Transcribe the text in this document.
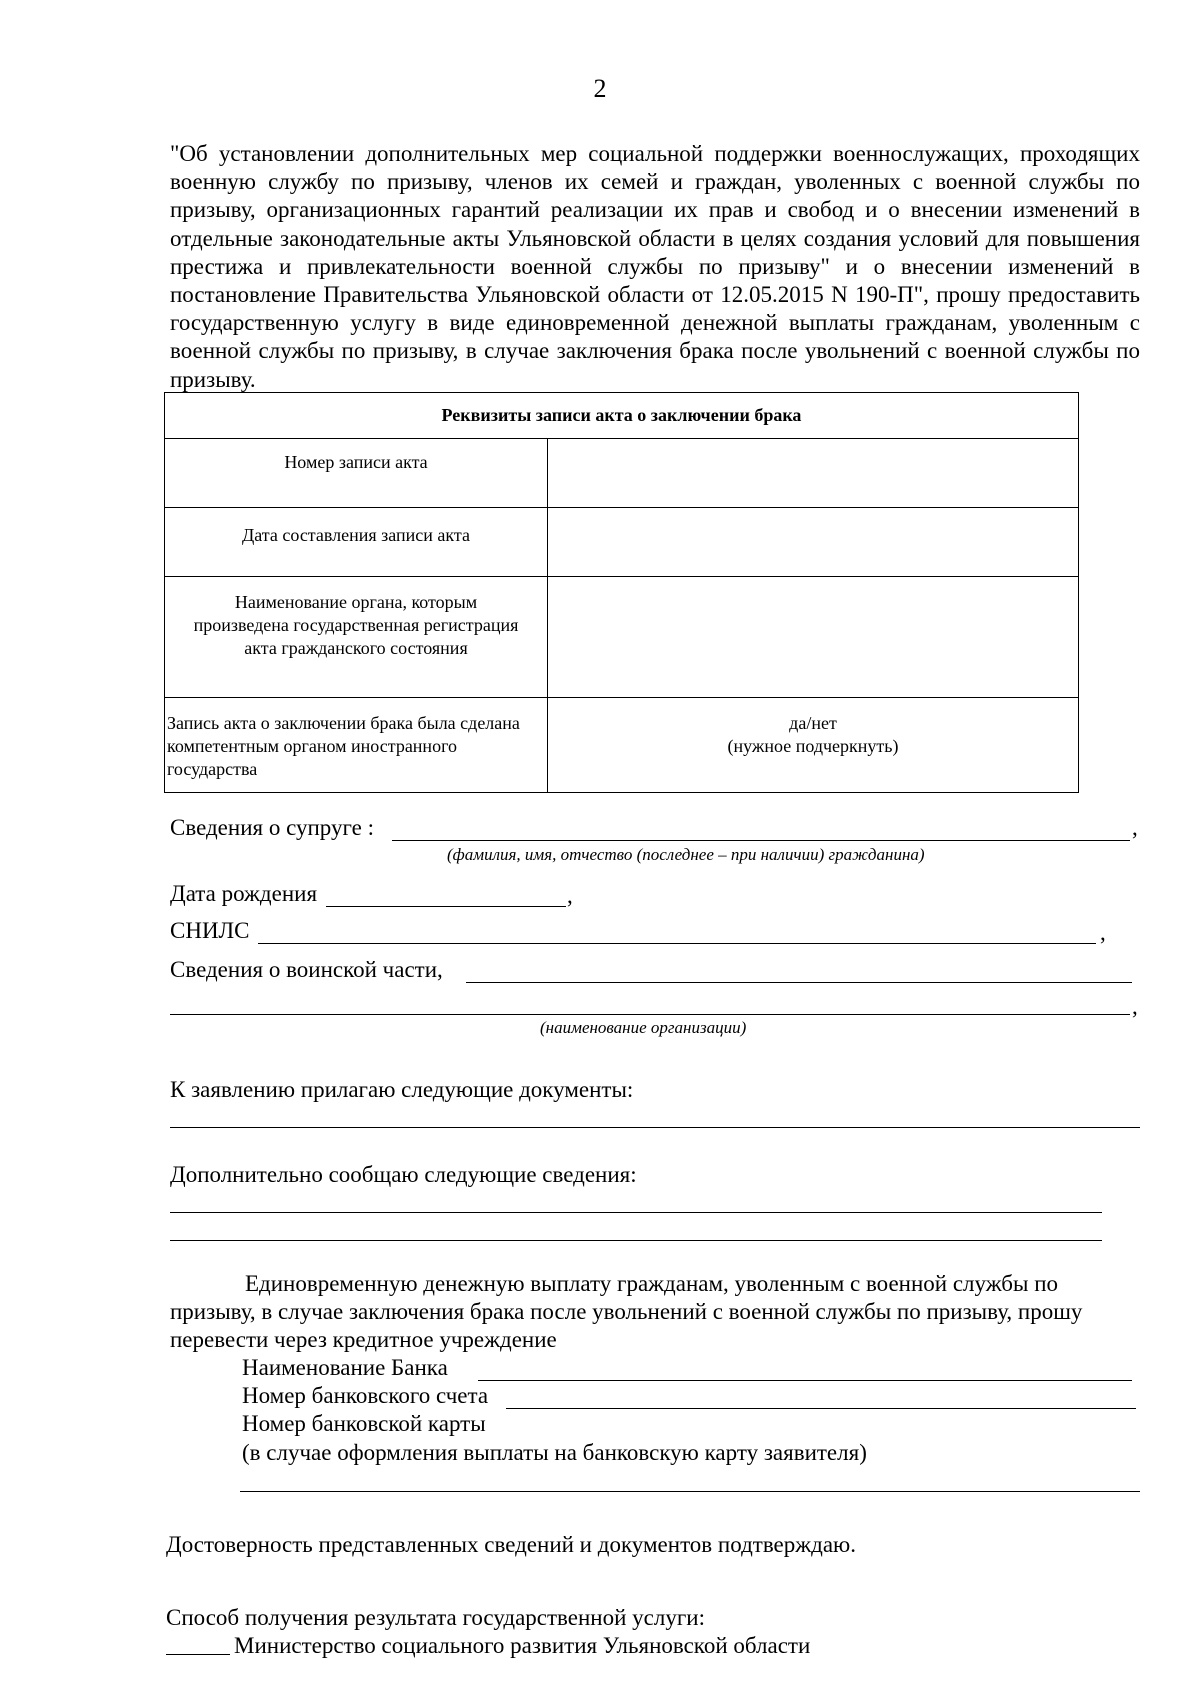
2
"Об установлении дополнительных мер социальной поддержки военнослужащих, проходящих военную службу по призыву, членов их семей и граждан, уволенных с военной службы по призыву, организационных гарантий реализации их прав и свобод и о внесении изменений в отдельные законодательные акты Ульяновской области в целях создания условий для повышения престижа и привлекательности военной службы по призыву" и о внесении изменений в постановление Правительства Ульяновской области от 12.05.2015 N 190-П", прошу предоставить государственную услугу в виде единовременной денежной выплаты гражданам, уволенным с военной службы по призыву, в случае заключения брака после увольнений с военной службы по призыву.
Реквизиты записи акта о заключении брака	
Номер записи акта	
Дата составления записи акта	
Наименование органа, которым произведена государственная регистрация акта гражданского состояния	
Запись акта о заключении брака была сделана компетентным органом иностранного государства	да/нет
(нужное подчеркнуть)
Сведения о супруге :	,
(фамилия, имя, отчество (последнее – при наличии) гражданина)
Дата рождения	,
СНИЛС	,
Сведения о воинской части,
,
(наименование организации)
К заявлению прилагаю следующие документы:
Дополнительно сообщаю следующие сведения:
Единовременную денежную выплату гражданам, уволенным с военной службы по призыву, в случае заключения брака после увольнений с военной службы по призыву, прошу перевести через кредитное учреждение
Наименование Банка
Номер банковского счета
Номер банковской карты
(в случае оформления выплаты на банковскую карту заявителя)
Достоверность представленных сведений и документов подтверждаю.
Способ получения результата государственной услуги:
Министерство социального развития Ульяновской области
